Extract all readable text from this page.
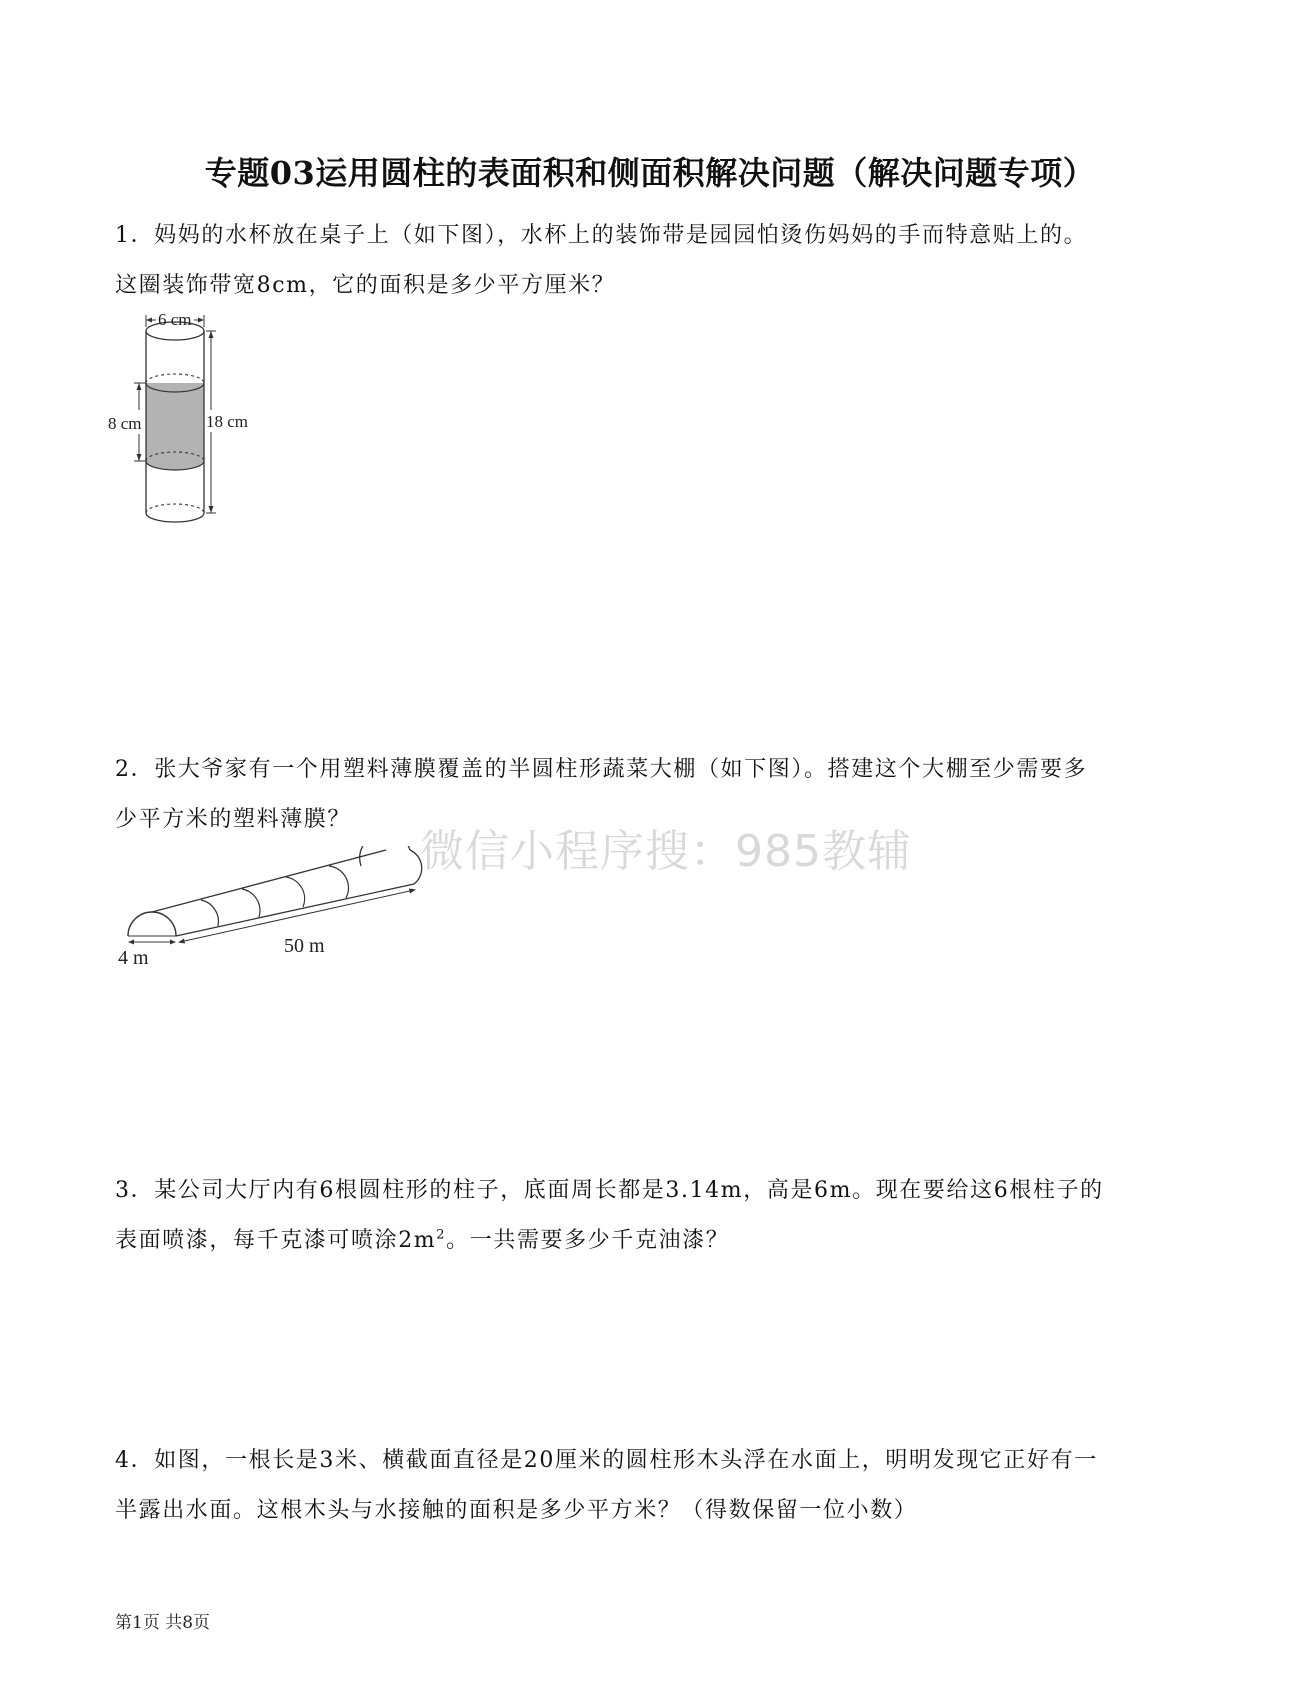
专题03运用圆柱的表面积和侧面积解决问题（解决问题专项）
1．妈妈的水杯放在桌子上（如下图），水杯上的装饰带是园园怕烫伤妈妈的手而特意贴上的。
这圈装饰带宽8cm，它的面积是多少平方厘米？
6 cm
18 cm
8 cm
2．张大爷家有一个用塑料薄膜覆盖的半圆柱形蔬菜大棚（如下图）。搭建这个大棚至少需要多
少平方米的塑料薄膜？
微信小程序搜：985教辅
4 m
50 m
3．某公司大厅内有6根圆柱形的柱子，底面周长都是3.14m，高是6m。现在要给这6根柱子的
表面喷漆，每千克漆可喷涂$2m^2$。一共需要多少千克油漆？
4．如图，一根长是3米、横截面直径是20厘米的圆柱形木头浮在水面上，明明发现它正好有一
半露出水面。这根木头与水接触的面积是多少平方米？（得数保留一位小数）
第1页 共8页
